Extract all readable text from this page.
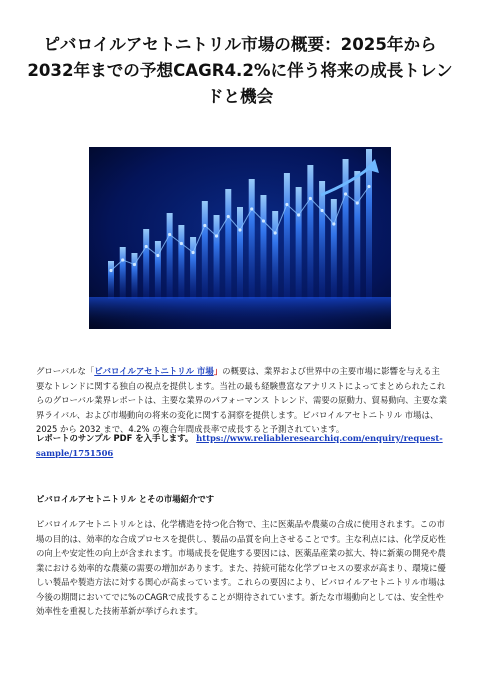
ピバロイルアセトニトリル市場の概要：2025年から2032年までの予想CAGR4.2%に伴う将来の成長トレンドと機会

グローバルな「ピバロイルアセトニトリル 市場」の概要は、業界および世界中の主要市場に影響を与える主要なトレンドに関する独自の視点を提供します。当社の最も経験豊富なアナリストによってまとめられたこれらのグローバル業界レポートは、主要な業界のパフォーマンス トレンド、需要の原動力、貿易動向、主要な業界ライバル、および市場動向の将来の変化に関する洞察を提供します。ピバロイルアセトニトリル 市場は、2025 から 2032 まで、4.2% の複合年間成長率で成長すると予測されています。

レポートのサンプル PDF を入手します。 https://www.reliableresearchiq.com/enquiry/request-sample/1751506

ピバロイルアセトニトリル とその市場紹介です

ピバロイルアセトニトリルとは、化学構造を持つ化合物で、主に医薬品や農薬の合成に使用されます。この市場の目的は、効率的な合成プロセスを提供し、製品の品質を向上させることです。主な利点には、化学反応性の向上や安定性の向上が含まれます。市場成長を促進する要因には、医薬品産業の拡大、特に新薬の開発や農業における効率的な農薬の需要の増加があります。また、持続可能な化学プロセスの要求が高まり、環境に優しい製品や製造方法に対する関心が高まっています。これらの要因により、ピバロイルアセトニトリル市場は今後の期間においてでに%のCAGRで成長することが期待されています。新たな市場動向としては、安全性や効率性を重視した技術革新が挙げられます。
